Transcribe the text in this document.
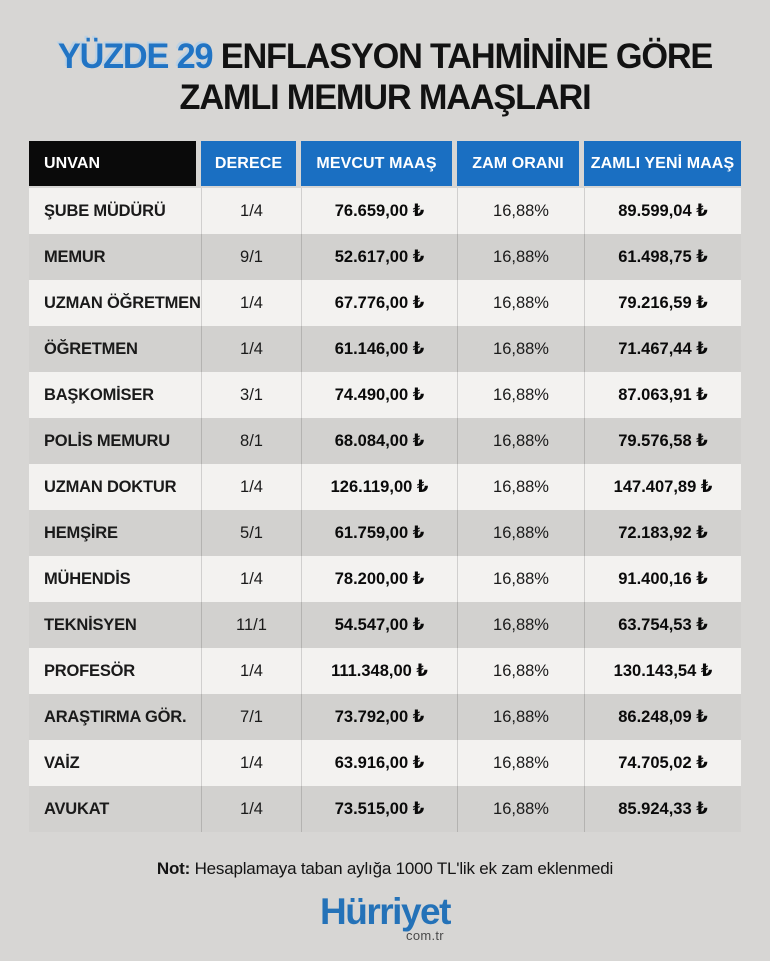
YÜZDE 29 ENFLASYON TAHMİNİNE GÖRE
ZAMLI MEMUR MAAŞLARI
UNVAN	DERECE	MEVCUT MAAŞ	ZAM ORANI	ZAMLI YENİ MAAŞ
ŞUBE MÜDÜRÜ	1/4	76.659,00 ₺	16,88%	89.599,04 ₺
MEMUR	9/1	52.617,00 ₺	16,88%	61.498,75 ₺
UZMAN ÖĞRETMEN	1/4	67.776,00 ₺	16,88%	79.216,59 ₺
ÖĞRETMEN	1/4	61.146,00 ₺	16,88%	71.467,44 ₺
BAŞKOMİSER	3/1	74.490,00 ₺	16,88%	87.063,91 ₺
POLİS MEMURU	8/1	68.084,00 ₺	16,88%	79.576,58 ₺
UZMAN DOKTUR	1/4	126.119,00 ₺	16,88%	147.407,89 ₺
HEMŞİRE	5/1	61.759,00 ₺	16,88%	72.183,92 ₺
MÜHENDİS	1/4	78.200,00 ₺	16,88%	91.400,16 ₺
TEKNİSYEN	11/1	54.547,00 ₺	16,88%	63.754,53 ₺
PROFESÖR	1/4	111.348,00 ₺	16,88%	130.143,54 ₺
ARAŞTIRMA GÖR.	7/1	73.792,00 ₺	16,88%	86.248,09 ₺
VAİZ	1/4	63.916,00 ₺	16,88%	74.705,02 ₺
AVUKAT	1/4	73.515,00 ₺	16,88%	85.924,33 ₺
Not: Hesaplamaya taban aylığa 1000 TL'lik ek zam eklenmedi
Hürriyet
com.tr
